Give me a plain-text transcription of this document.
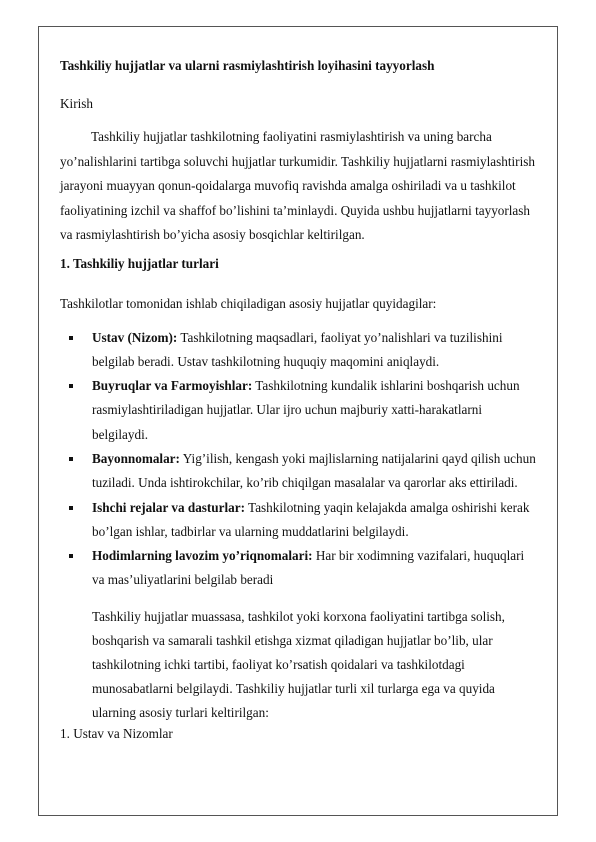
Tashkiliy hujjatlar va ularni rasmiylashtirish loyihasini tayyorlash
Kirish
Tashkiliy hujjatlar tashkilotning faoliyatini rasmiylashtirish va uning barcha yo’nalishlarini tartibga soluvchi hujjatlar turkumidir. Tashkiliy hujjatlarni rasmiylashtirish jarayoni muayyan qonun-qoidalarga muvofiq ravishda amalga oshiriladi va u tashkilot faoliyatining izchil va shaffof bo’lishini ta’minlaydi. Quyida ushbu hujjatlarni tayyorlash va rasmiylashtirish bo’yicha asosiy bosqichlar keltirilgan.
1. Tashkiliy hujjatlar turlari
Tashkilotlar tomonidan ishlab chiqiladigan asosiy hujjatlar quyidagilar:
Ustav (Nizom): Tashkilotning maqsadlari, faoliyat yo’nalishlari va tuzilishini belgilab beradi. Ustav tashkilotning huquqiy maqomini aniqlaydi.
Buyruqlar va Farmoyishlar: Tashkilotning kundalik ishlarini boshqarish uchun rasmiylashtiriladigan hujjatlar. Ular ijro uchun majburiy xatti-harakatlarni belgilaydi.
Bayonnomalar: Yig’ilish, kengash yoki majlislarning natijalarini qayd qilish uchun tuziladi. Unda ishtirokchilar, ko’rib chiqilgan masalalar va qarorlar aks ettiriladi.
Ishchi rejalar va dasturlar: Tashkilotning yaqin kelajakda amalga oshirishi kerak bo’lgan ishlar, tadbirlar va ularning muddatlarini belgilaydi.
Hodimlarning lavozim yo’riqnomalari: Har bir xodimning vazifalari, huquqlari va mas’uliyatlarini belgilab beradi
Tashkiliy hujjatlar muassasa, tashkilot yoki korxona faoliyatini tartibga solish, boshqarish va samarali tashkil etishga xizmat qiladigan hujjatlar bo’lib, ular tashkilotning ichki tartibi, faoliyat ko’rsatish qoidalari va tashkilotdagi munosabatlarni belgilaydi. Tashkiliy hujjatlar turli xil turlarga ega va quyida ularning asosiy turlari keltirilgan:
1. Ustav va Nizomlar
